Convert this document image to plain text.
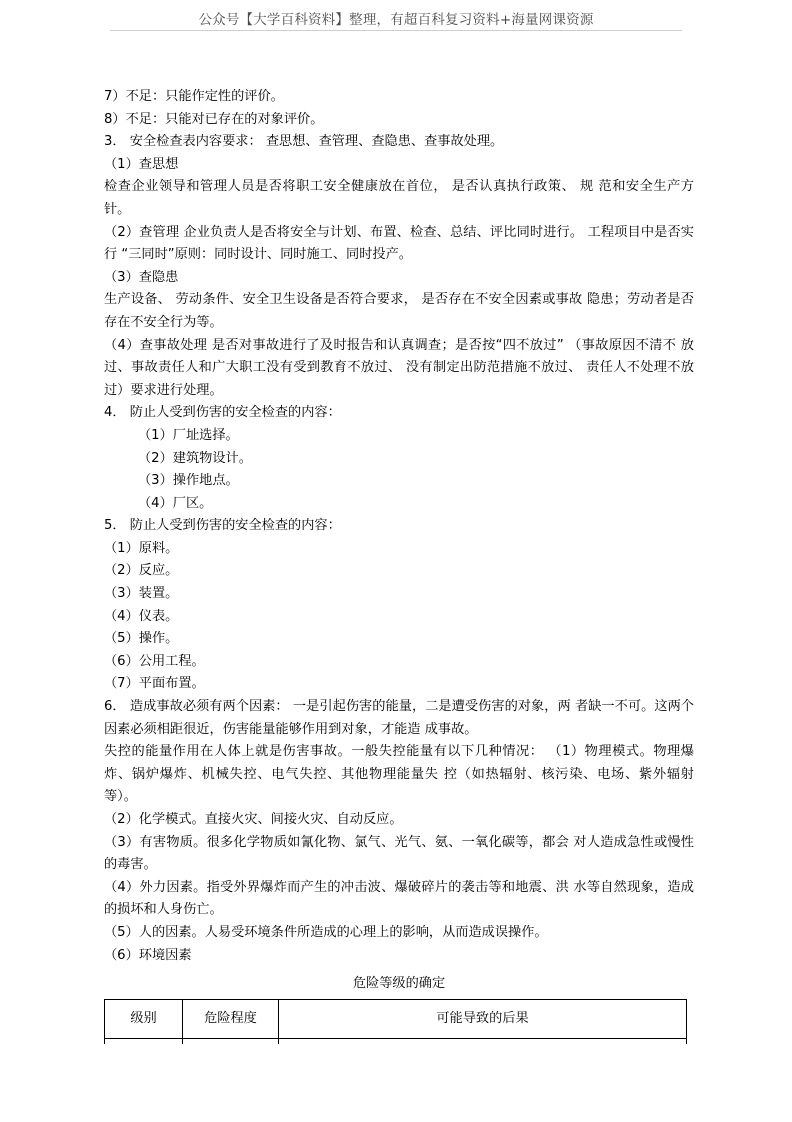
公众号【大学百科资料】整理，有超百科复习资料+海量网课资源

7）不足：只能作定性的评价。

8）不足：只能对已存在的对象评价。

3． 安全检查表内容要求： 查思想、查管理、查隐患、查事故处理。

（1）查思想

检查企业领导和管理人员是否将职工安全健康放在首位， 是否认真执行政策、 规 范和安全生产方针。

（2）查管理 企业负责人是否将安全与计划、布置、检查、总结、评比同时进行。 工程项目中是否实行 “三同时”原则：同时设计、同时施工、同时投产。

（3）查隐患

生产设备、 劳动条件、安全卫生设备是否符合要求， 是否存在不安全因素或事故 隐患；劳动者是否存在不安全行为等。

（4）查事故处理 是否对事故进行了及时报告和认真调查；是否按“四不放过” （事故原因不清不 放过、事故责任人和广大职工没有受到教育不放过、 没有制定出防范措施不放过、 责任人不处理不放过）要求进行处理。

4． 防止人受到伤害的安全检查的内容：

（1）厂址选择。

（2）建筑物设计。

（3）操作地点。

（4）厂区。

5． 防止人受到伤害的安全检查的内容：

（1）原料。

（2）反应。

（3）装置。

（4）仪表。

（5）操作。

（6）公用工程。

（7）平面布置。

6． 造成事故必须有两个因素： 一是引起伤害的能量，二是遭受伤害的对象，两 者缺一不可。这两个因素必须相距很近，伤害能量能够作用到对象，才能造 成事故。

失控的能量作用在人体上就是伤害事故。一般失控能量有以下几种情况： （1）物理模式。物理爆炸、锅炉爆炸、机械失控、电气失控、其他物理能量失 控（如热辐射、核污染、电场、紫外辐射等）。

（2）化学模式。直接火灾、间接火灾、自动反应。

（3）有害物质。很多化学物质如氰化物、氯气、光气、氨、一氧化碳等，都会 对人造成急性或慢性的毒害。

（4）外力因素。指受外界爆炸而产生的冲击波、爆破碎片的袭击等和地震、洪 水等自然现象，造成的损坏和人身伤亡。

（5）人的因素。人易受环境条件所造成的心理上的影响，从而造成误操作。

（6）环境因素

危险等级的确定
级别	危险程度	可能导致的后果
